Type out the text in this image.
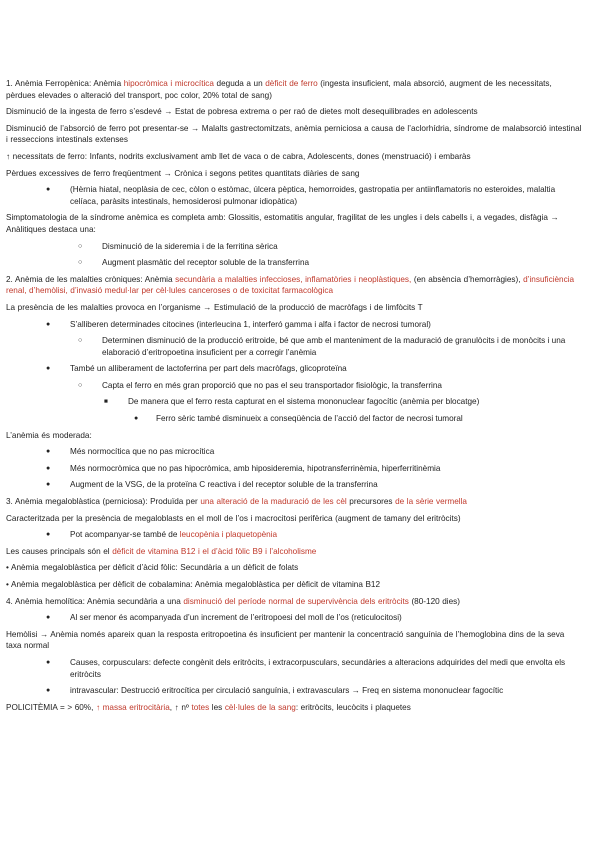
1. Anèmia Ferropènica: Anèmia hipocròmica i microcítica deguda a un dèficit de ferro (ingesta insuficient, mala absorció, augment de les necessitats, pèrdues elevades o alteració del transport, poc color, 20% total de sang)

Disminució de la ingesta de ferro s’esdevé → Estat de pobresa extrema o per raó de dietes molt desequilibrades en adolescents

Disminució de l’absorció de ferro pot presentar-se → Malalts gastrectomitzats, anèmia perniciosa a causa de l’aclorhídria, síndrome de malabsorció intestinal i resseccions intestinals extenses

↑ necessitats de ferro: Infants, nodrits exclusivament amb llet de vaca o de cabra, Adolescents, dones (menstruació) i embaràs

Pèrdues excessives de ferro freqüentment → Crònica i segons petites quantitats diàries de sang

● (Hèrnia hiatal, neoplàsia de cec, còlon o estòmac, úlcera pèptica, hemorroides, gastropatia per antiinflamatoris no esteroides, malaltia celíaca, paràsits intestinals, hemosiderosi pulmonar idiopàtica)

Simptomatologia de la síndrome anèmica es completa amb: Glossitis, estomatitis angular, fragilitat de les ungles i dels cabells i, a vegades, disfàgia → Anàlitiques destaca una:

○ Disminució de la sideremia i de la ferritina sèrica
○ Augment plasmàtic del receptor soluble de la transferrina

2. Anèmia de les malalties cròniques: Anèmia secundària a malalties infeccioses, inflamatòries i neoplàstiques, (en absència d’hemorràgies), d’insuficiència renal, d’hemòlisi, d’invasió medul·lar per cèl·lules canceroses o de toxicitat farmacològica

La presència de les malalties provoca en l’organisme → Estimulació de la producció de macròfags i de limfòcits T

● S’alliberen determinades citocines (interleucina 1, interferó gamma i alfa i factor de necrosi tumoral)
○ Determinen disminució de la producció eritroide, bé que amb el manteniment de la maduració de granulòcits i de monòcits i una elaboració d’eritropoetina insuficient per a corregir l’anèmia
● També un alliberament de lactoferrina per part dels macròfags, glicoproteïna
○ Capta el ferro en més gran proporció que no pas el seu transportador fisiològic, la transferrina
■ De manera que el ferro resta capturat en el sistema mononuclear fagocític (anèmia per blocatge)
● Ferro sèric també disminueix a conseqüència de l’acció del factor de necrosi tumoral

L’anèmia és moderada:

● Més normocítica que no pas microcítica
● Més normocròmica que no pas hipocròmica, amb hiposideremia, hipotransferrinèmia, hiperferritinèmia
● Augment de la VSG, de la proteïna C reactiva i del receptor soluble de la transferrina

3. Anèmia megaloblàstica (perniciosa): Produïda per una alteració de la maduració de les cèl precursores de la sèrie vermella

Caracteritzada per la presència de megaloblasts en el moll de l’os i macrocitosi perifèrica (augment de tamany del eritròcits)

● Pot acompanyar-se també de leucopènia i plaquetopènia

Les causes principals són el dèficit de vitamina B12 i el d’àcid fòlic B9 i l’alcoholisme

• Anèmia megaloblàstica per dèficit d’àcid fòlic: Secundària a un dèficit de folats

• Anèmia megaloblàstica per dèficit de cobalamina: Anèmia megaloblàstica per dèficit de vitamina B12

4. Anèmia hemolítica: Anèmia secundària a una disminució del període normal de supervivència dels eritròcits (80-120 dies)

● Al ser menor és acompanyada d’un increment de l’eritropoesi del moll de l’os (reticulocitosi)

Hemòlisi → Anèmia només apareix quan la resposta eritropoetina és insuficient per mantenir la concentració sanguínia de l’hemoglobina dins de la seva taxa normal

● Causes, corpusculars: defecte congènit dels eritròcits, i extracorpusculars, secundàries a alteracions adquirides del medi que envolta els eritròcits
● intravascular: Destrucció eritrocítica per circulació sanguínia, i extravasculars → Freq en sistema mononuclear fagocític

POLICITÈMIA = > 60%, ↑ massa eritrocitària, ↑ nº totes les cèl·lules de la sang: eritròcits, leucòcits i plaquetes
